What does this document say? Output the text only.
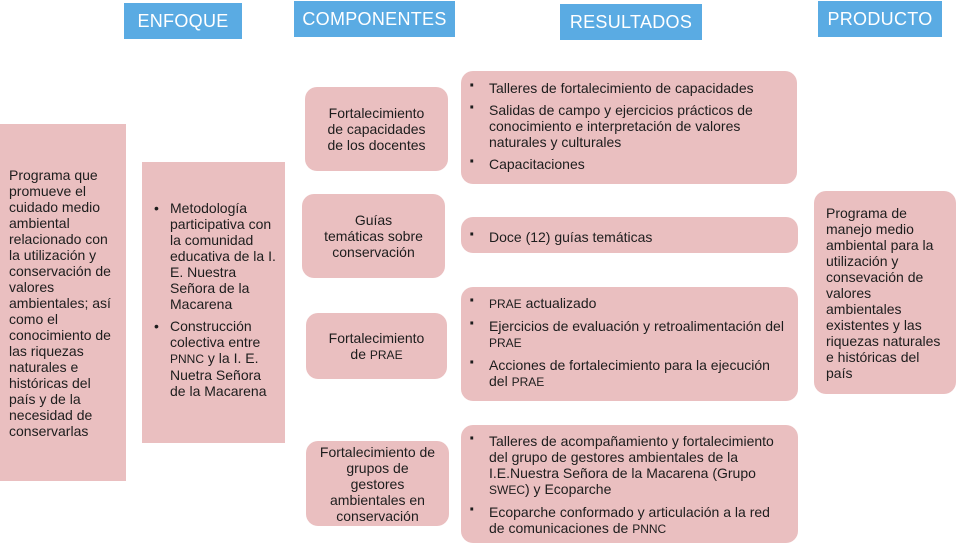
ENFOQUE	COMPONENTES	RESULTADOS	PRODUCTO
Programa que promueve el cuidado medio ambiental relacionado con la utilización y conservación de valores ambientales; así como el conocimiento de las riquezas naturales e históricas del país y de la necesidad de conservarlas
• Metodología participativa con la comunidad educativa de la I. E. Nuestra Señora de la Macarena
• Construcción colectiva entre PNNC y la I. E. Nuetra Señora de la Macarena
Fortalecimiento de capacidades de los docentes
Guías temáticas sobre conservación
Fortalecimiento de PRAE
Fortalecimiento de grupos de gestores ambientales en conservación
· Talleres de fortalecimiento de capacidades
· Salidas de campo y ejercicios prácticos de conocimiento e interpretación de valores naturales y culturales
· Capacitaciones
· Doce (12) guías temáticas
· PRAE actualizado
· Ejercicios de evaluación y retroalimentación del PRAE
· Acciones de fortalecimiento para la ejecución del PRAE
· Talleres de acompañamiento y fortalecimiento del grupo de gestores ambientales de la I.E.Nuestra Señora de la Macarena (Grupo SWEC) y Ecoparche
· Ecoparche conformado y articulación a la red de comunicaciones de PNNC
Programa de manejo medio ambiental para la utilización y consevación de valores ambientales existentes y las riquezas naturales e históricas del país
